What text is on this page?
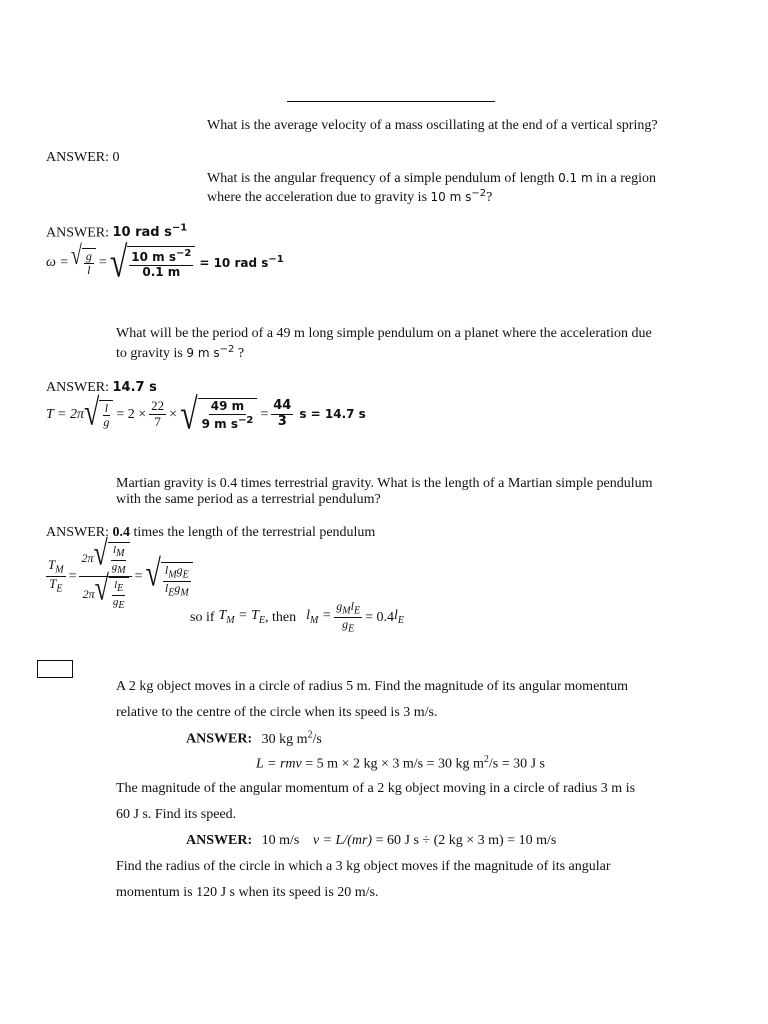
What is the average velocity of a mass oscillating at the end of a vertical spring?
ANSWER: 0
What is the angular frequency of a simple pendulum of length 0.1 m in a region
where the acceleration due to gravity is 10 m $s^{-2}$?
ANSWER: 10 rad $s^{-1}$
ω = √ $\frac{g}{l}$ = √ $\frac{10 m s^{-2}}{0.1 m} = 10$ rad $s^{-1}$
What will be the period of a 49 m long simple pendulum on a planet where the acceleration due
to gravity is 9 m $s^{-2}$ ?
ANSWER: 14.7 s
T = 2π √ $\frac{l}{g} = 2 \times \frac{22}{7}$ × √ $\frac{49 m}{9 m s^{-2}} = \frac{44}{3}$ s = 14.7 s
Martian gravity is 0.4 times terrestrial gravity. What is the length of a Martian simple pendulum
with the same period as a terrestrial pendulum?
ANSWER: 0.4 times the length of the terrestrial pendulum
$\frac{T_M}{T_E} = \frac{2\pi √ \frac{l_M}{g_M}}{2\pi √ \frac{l_E}{g_E}}$ = √ $\frac{l_Mg_E}{l_Eg_M}$
so if $T_M = T_E$ , then $l_M = \frac{g_Ml_E}{g_E} = 0.4$ $l_E$
A 2 kg object moves in a circle of radius 5 m. Find the magnitude of its angular momentum
relative to the centre of the circle when its speed is 3 m/s.
ANSWER: 30 kg $m^2/s$
L = rmv = 5 m × 2 kg × 3 m/s = 30 kg $m^2/s = 30$ J s
The magnitude of the angular momentum of a 2 kg object moving in a circle of radius 3 m is
60 J s. Find its speed.
ANSWER: 10 m/s v = L/(mr) = 60 J s ÷ (2 kg × 3 m) = 10 m/s
Find the radius of the circle in which a 3 kg object moves if the magnitude of its angular
momentum is 120 J s when its speed is 20 m/s.
